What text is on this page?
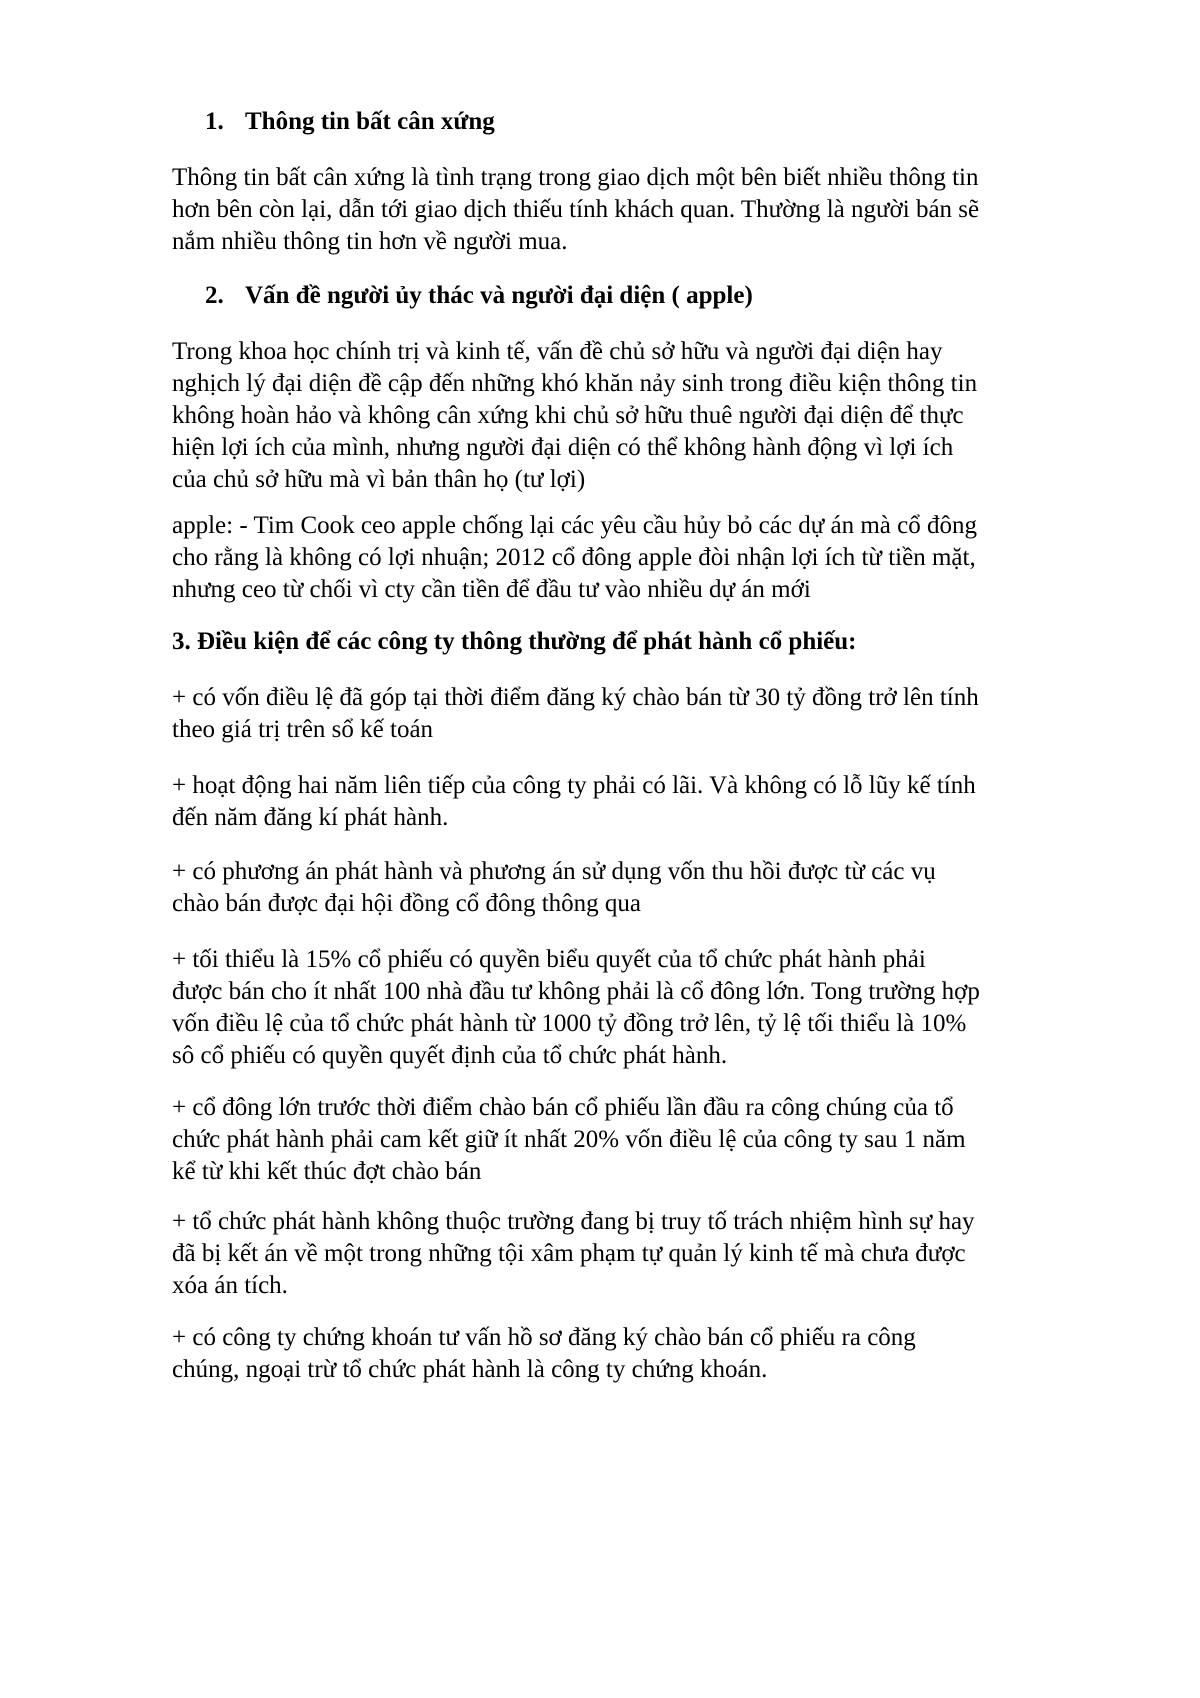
1. Thông tin bất cân xứng

Thông tin bất cân xứng là tình trạng trong giao dịch một bên biết nhiều thông tin
hơn bên còn lại, dẫn tới giao dịch thiếu tính khách quan. Thường là người bán sẽ
nắm nhiều thông tin hơn về người mua.

2. Vấn đề người ủy thác và người đại diện ( apple)

Trong khoa học chính trị và kinh tế, vấn đề chủ sở hữu và người đại diện hay
nghịch lý đại diện đề cập đến những khó khăn nảy sinh trong điều kiện thông tin
không hoàn hảo và không cân xứng khi chủ sở hữu thuê người đại diện để thực
hiện lợi ích của mình, nhưng người đại diện có thể không hành động vì lợi ích
của chủ sở hữu mà vì bản thân họ (tư lợi)

apple: - Tim Cook ceo apple chống lại các yêu cầu hủy bỏ các dự án mà cổ đông
cho rằng là không có lợi nhuận; 2012 cổ đông apple đòi nhận lợi ích từ tiền mặt,
nhưng ceo từ chối vì cty cần tiền để đầu tư vào nhiều dự án mới

3. Điều kiện để các công ty thông thường để phát hành cổ phiếu:

+ có vốn điều lệ đã góp tại thời điểm đăng ký chào bán từ 30 tỷ đồng trở lên tính
theo giá trị trên sổ kế toán

+ hoạt động hai năm liên tiếp của công ty phải có lãi. Và không có lỗ lũy kế tính
đến năm đăng kí phát hành.

+ có phương án phát hành và phương án sử dụng vốn thu hồi được từ các vụ
chào bán được đại hội đồng cổ đông thông qua

+ tối thiểu là 15% cổ phiếu có quyền biểu quyết của tổ chức phát hành phải
được bán cho ít nhất 100 nhà đầu tư không phải là cổ đông lớn. Tong trường hợp
vốn điều lệ của tổ chức phát hành từ 1000 tỷ đồng trở lên, tỷ lệ tối thiểu là 10%
sô cổ phiếu có quyền quyết định của tổ chức phát hành.

+ cổ đông lớn trước thời điểm chào bán cổ phiếu lần đầu ra công chúng của tổ
chức phát hành phải cam kết giữ ít nhất 20% vốn điều lệ của công ty sau 1 năm
kể từ khi kết thúc đợt chào bán

+ tổ chức phát hành không thuộc trường đang bị truy tố trách nhiệm hình sự hay
đã bị kết án về một trong những tội xâm phạm tự quản lý kinh tế mà chưa được
xóa án tích.

+ có công ty chứng khoán tư vấn hồ sơ đăng ký chào bán cổ phiếu ra công
chúng, ngoại trừ tổ chức phát hành là công ty chứng khoán.
